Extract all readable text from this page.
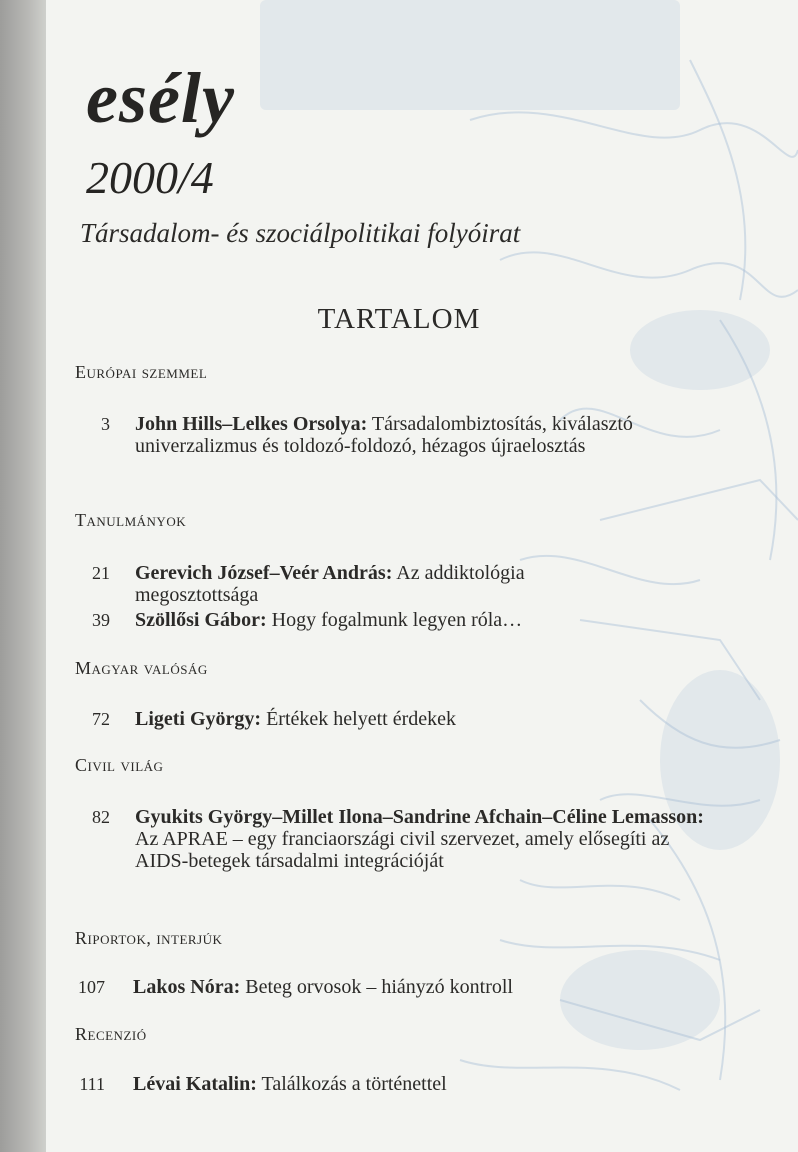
esély
2000/4
Társadalom- és szociálpolitikai folyóirat
TARTALOM
Európai szemmel
3 John Hills–Lelkes Orsolya: Társadalombiztosítás, kiválasztó univerzalizmus és toldozó-foldozó, hézagos újraelosztás
Tanulmányok
21 Gerevich József–Veér András: Az addiktológia megosztottsága
39 Szöllősi Gábor: Hogy fogalmunk legyen róla…
Magyar valóság
72 Ligeti György: Értékek helyett érdekek
Civil világ
82 Gyukits György–Millet Ilona–Sandrine Afchain–Céline Lemasson: Az APRAE – egy franciaországi civil szervezet, amely elősegíti az AIDS-betegek társadalmi integrációját
Riportok, interjúk
107 Lakos Nóra: Beteg orvosok – hiányzó kontroll
Recenzió
111 Lévai Katalin: Találkozás a történettel
